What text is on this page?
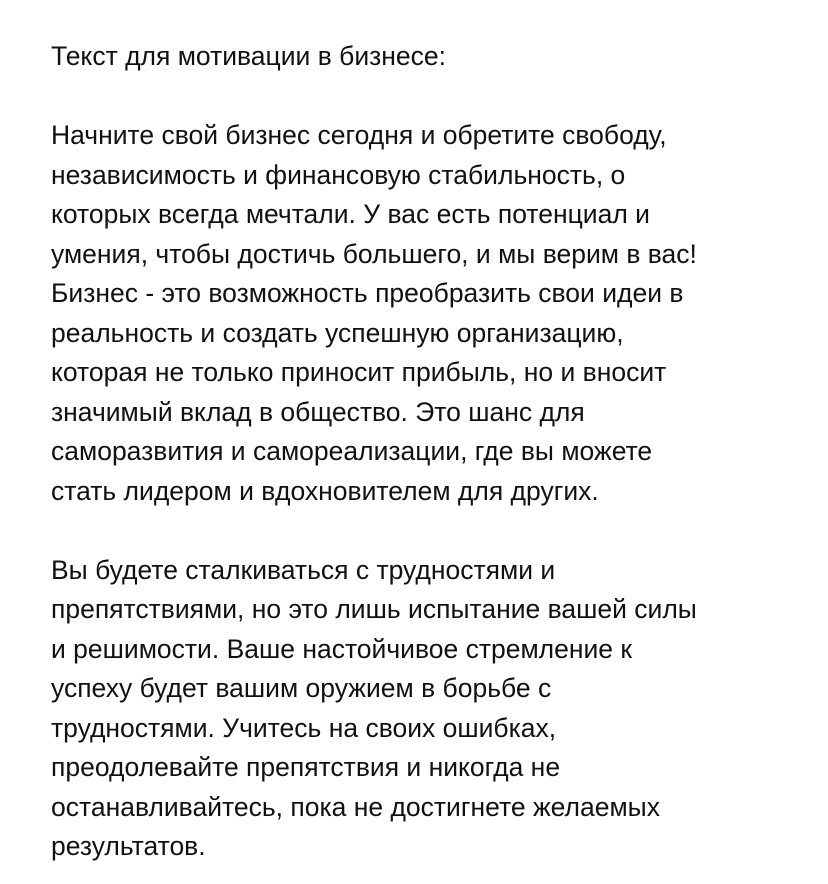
Текст для мотивации в бизнесе:
Начните свой бизнес сегодня и обретите свободу,
независимость и финансовую стабильность, о
которых всегда мечтали. У вас есть потенциал и
умения, чтобы достичь большего, и мы верим в вас!
Бизнес - это возможность преобразить свои идеи в
реальность и создать успешную организацию,
которая не только приносит прибыль, но и вносит
значимый вклад в общество. Это шанс для
саморазвития и самореализации, где вы можете
стать лидером и вдохновителем для других.
Вы будете сталкиваться с трудностями и
препятствиями, но это лишь испытание вашей силы
и решимости. Ваше настойчивое стремление к
успеху будет вашим оружием в борьбе с
трудностями. Учитесь на своих ошибках,
преодолевайте препятствия и никогда не
останавливайтесь, пока не достигнете желаемых
результатов.
